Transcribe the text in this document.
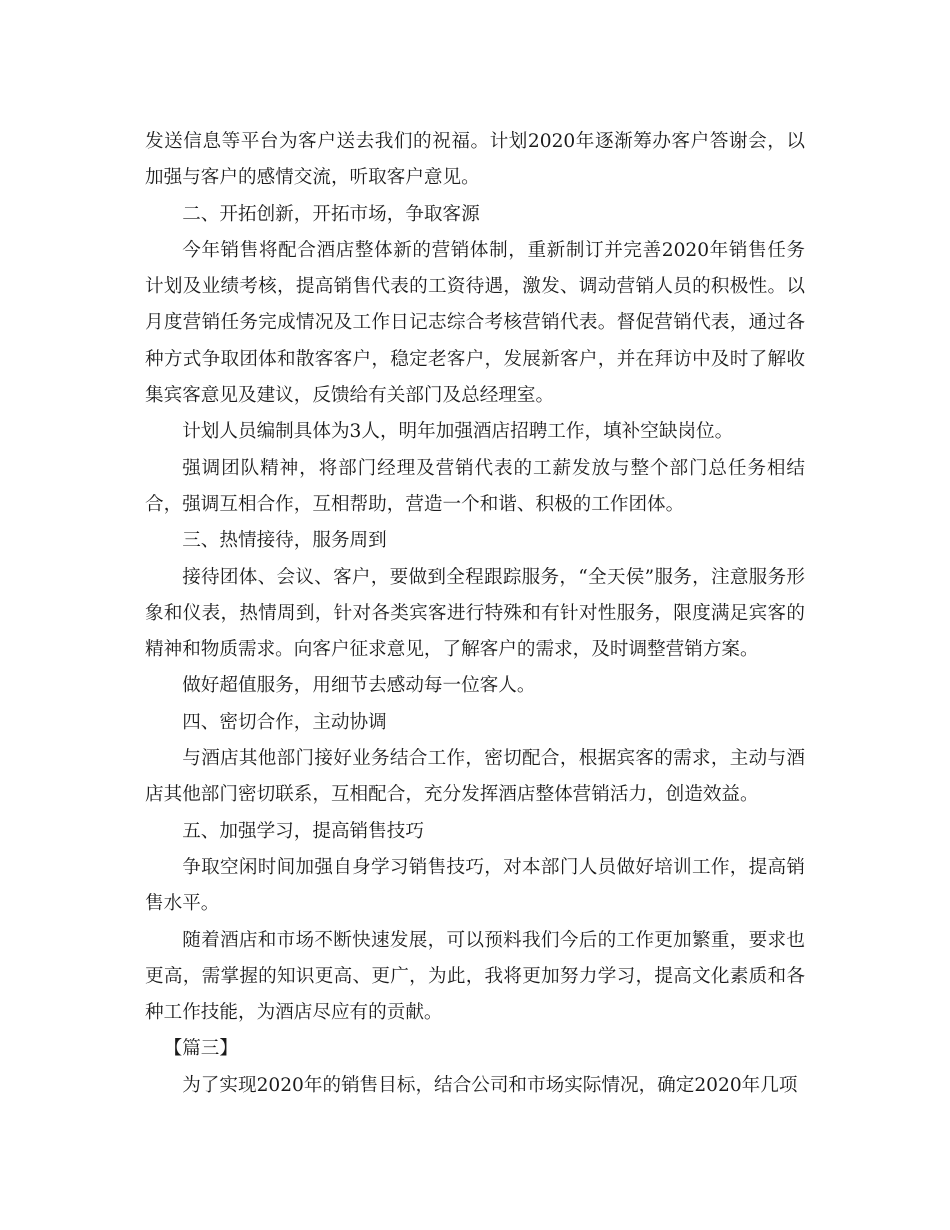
发送信息等平台为客户送去我们的祝福。计划2020年逐渐筹办客户答谢会，以加强与客户的感情交流，听取客户意见。

二、开拓创新，开拓市场，争取客源

今年销售将配合酒店整体新的营销体制，重新制订并完善2020年销售任务计划及业绩考核，提高销售代表的工资待遇，激发、调动营销人员的积极性。以月度营销任务完成情况及工作日记志综合考核营销代表。督促营销代表，通过各种方式争取团体和散客客户，稳定老客户，发展新客户，并在拜访中及时了解收集宾客意见及建议，反馈给有关部门及总经理室。

计划人员编制具体为3人，明年加强酒店招聘工作，填补空缺岗位。

强调团队精神，将部门经理及营销代表的工薪发放与整个部门总任务相结合，强调互相合作，互相帮助，营造一个和谐、积极的工作团体。

三、热情接待，服务周到

接待团体、会议、客户，要做到全程跟踪服务，“全天侯”服务，注意服务形象和仪表，热情周到，针对各类宾客进行特殊和有针对性服务，限度满足宾客的精神和物质需求。向客户征求意见，了解客户的需求，及时调整营销方案。

做好超值服务，用细节去感动每一位客人。

四、密切合作，主动协调

与酒店其他部门接好业务结合工作，密切配合，根据宾客的需求，主动与酒店其他部门密切联系，互相配合，充分发挥酒店整体营销活力，创造效益。

五、加强学习，提高销售技巧

争取空闲时间加强自身学习销售技巧，对本部门人员做好培训工作，提高销售水平。

随着酒店和市场不断快速发展，可以预料我们今后的工作更加繁重，要求也更高，需掌握的知识更高、更广，为此，我将更加努力学习，提高文化素质和各种工作技能，为酒店尽应有的贡献。

【篇三】

为了实现2020年的销售目标，结合公司和市场实际情况，确定2020年几项
